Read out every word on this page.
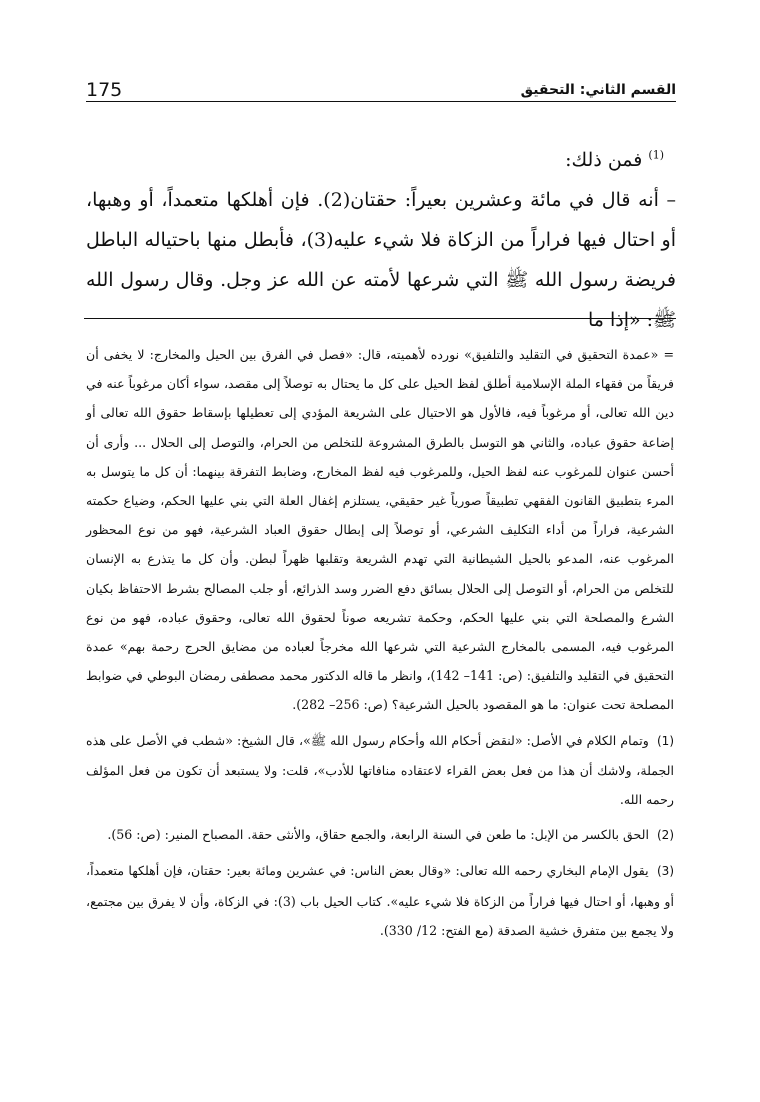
القسم الثاني: التحقيق
175
$^{(1)}$ فمن ذلك:

– أنه قال في مائة وعشرين بعيراً: حقتان(2). فإن أهلكها متعمداً، أو وهبها، أو احتال فيها فراراً من الزكاة فلا شيء عليه(3)، فأبطل منها باحتياله الباطل فريضة رسول الله ﷺ التي شرعها لأمته عن الله عز وجل. وقال رسول الله ﷺ: «إذا ما

= «عمدة التحقيق في التقليد والتلفيق» نورده لأهميته، قال: «فصل في الفرق بين الحيل والمخارج: لا يخفى أن فريقاً من فقهاء الملة الإسلامية أطلق لفظ الحيل على كل ما يحتال به توصلاً إلى مقصد، سواء أكان مرغوباً عنه في دين الله تعالى، أو مرغوباً فيه، فالأول هو الاحتيال على الشريعة المؤدي إلى تعطيلها بإسقاط حقوق الله تعالى أو إضاعة حقوق عباده، والثاني هو التوسل بالطرق المشروعة للتخلص من الحرام، والتوصل إلى الحلال ... وأرى أن أحسن عنوان للمرغوب عنه لفظ الحيل، وللمرغوب فيه لفظ المخارج، وضابط التفرقة بينهما: أن كل ما يتوسل به المرء بتطبيق القانون الفقهي تطبيقاً صورياً غير حقيقي، يستلزم إغفال العلة التي بني عليها الحكم، وضياع حكمته الشرعية، فراراً من أداء التكليف الشرعي، أو توصلاً إلى إبطال حقوق العباد الشرعية، فهو من نوع المحظور المرغوب عنه، المدعو بالحيل الشيطانية التي تهدم الشريعة وتقلبها ظهراً لبطن. وأن كل ما يتذرع به الإنسان للتخلص من الحرام، أو التوصل إلى الحلال بسائق دفع الضرر وسد الذرائع، أو جلب المصالح بشرط الاحتفاظ بكيان الشرع والمصلحة التي بني عليها الحكم، وحكمة تشريعه صوناً لحقوق الله تعالى، وحقوق عباده، فهو من نوع المرغوب فيه، المسمى بالمخارج الشرعية التي شرعها الله مخرجاً لعباده من مضايق الحرج رحمة بهم» عمدة التحقيق في التقليد والتلفيق: (ص: 141– 142)، وانظر ما قاله الدكتور محمد مصطفى رمضان البوطي في ضوابط المصلحة تحت عنوان: ما هو المقصود بالحيل الشرعية؟ (ص: 256– 282).

(1) وتمام الكلام في الأصل: «لنقض أحكام الله وأحكام رسول الله ﷺ»، قال الشيخ: «شطب في الأصل على هذه الجملة، ولاشك أن هذا من فعل بعض القراء لاعتقاده منافاتها للأدب»، قلت: ولا يستبعد أن تكون من فعل المؤلف رحمه الله.

(2) الحق بالكسر من الإبل: ما طعن في السنة الرابعة، والجمع حقاق، والأنثى حقة. المصباح المنير: (ص: 56).

(3) يقول الإمام البخاري رحمه الله تعالى: «وقال بعض الناس: في عشرين ومائة بعير: حقتان، فإن أهلكها متعمداً، أو وهبها، أو احتال فيها فراراً من الزكاة فلا شيء عليه». كتاب الحيل باب (3): في الزكاة، وأن لا يفرق بين مجتمع، ولا يجمع بين متفرق خشية الصدقة (مع الفتح: 12/ 330).
